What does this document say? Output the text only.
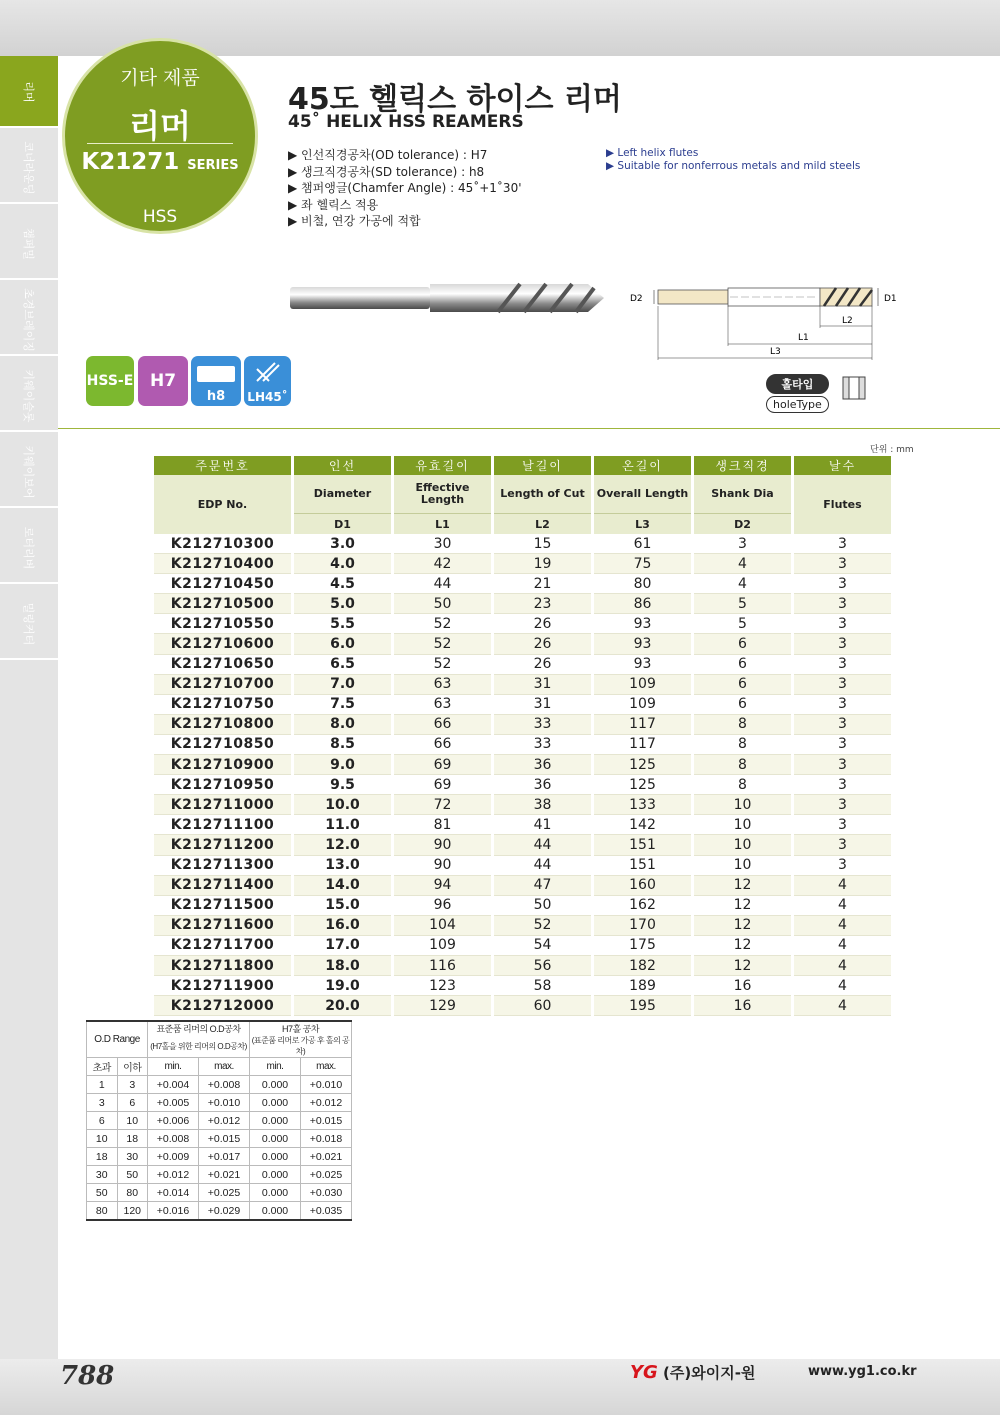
리머
코너라운딩
챔퍼밀
초경브레이징
키웨이슬롯
키웨이보어
로터리버
밀링커터
기타 제품
리머
K21271 SERIES
HSS
45도 헬릭스 하이스 리머
45˚ HELIX HSS REAMERS
▶ 인선직경공차(OD tolerance) : H7
▶ 생크직경공차(SD tolerance) : h8
▶ 챔퍼앵글(Chamfer Angle) : 45˚+1˚30'
▶ 좌 헬릭스 적용
▶ 비철, 연강 가공에 적합
▶ Left helix flutes
▶ Suitable for nonferrous metals and mild steels
D2	D1
L2
L1
L3
HSS-E H7
h8	LH45˚
홀타입
holeType
단위 : mm
주문번호	인선	유효길이	날길이	온길이	생크직경	날수
EDP No.	Diameter	Effective Length	Length of Cut	Overall Length	Shank Dia	Flutes
	D1	L1	L2	L3	D2	
K212710300	3.0	30	15	61	3	3
K212710400	4.0	42	19	75	4	3
K212710450	4.5	44	21	80	4	3
K212710500	5.0	50	23	86	5	3
K212710550	5.5	52	26	93	5	3
K212710600	6.0	52	26	93	6	3
K212710650	6.5	52	26	93	6	3
K212710700	7.0	63	31	109	6	3
K212710750	7.5	63	31	109	6	3
K212710800	8.0	66	33	117	8	3
K212710850	8.5	66	33	117	8	3
K212710900	9.0	69	36	125	8	3
K212710950	9.5	69	36	125	8	3
K212711000	10.0	72	38	133	10	3
K212711100	11.0	81	41	142	10	3
K212711200	12.0	90	44	151	10	3
K212711300	13.0	90	44	151	10	3
K212711400	14.0	94	47	160	12	4
K212711500	15.0	96	50	162	12	4
K212711600	16.0	104	52	170	12	4
K212711700	17.0	109	54	175	12	4
K212711800	18.0	116	56	182	12	4
K212711900	19.0	123	58	189	16	4
K212712000	20.0	129	60	195	16	4
O.D Range		표준품 리머의 O.D공차		H7홀 공차	
		(H7홀을 위한 리머의 O.D공차)		(표준품 리머로 가공 후 홀의 공차)	
초과	이하	min.	max.	min.	max.
1	3	+0.004	+0.008	0.000	+0.010
3	6	+0.005	+0.010	0.000	+0.012
6	10	+0.006	+0.012	0.000	+0.015
10	18	+0.008	+0.015	0.000	+0.018
18	30	+0.009	+0.017	0.000	+0.021
30	50	+0.012	+0.021	0.000	+0.025
50	80	+0.014	+0.025	0.000	+0.030
80	120	+0.016	+0.029	0.000	+0.035
788	YG (주)와이지-원	www.yg1.co.kr
